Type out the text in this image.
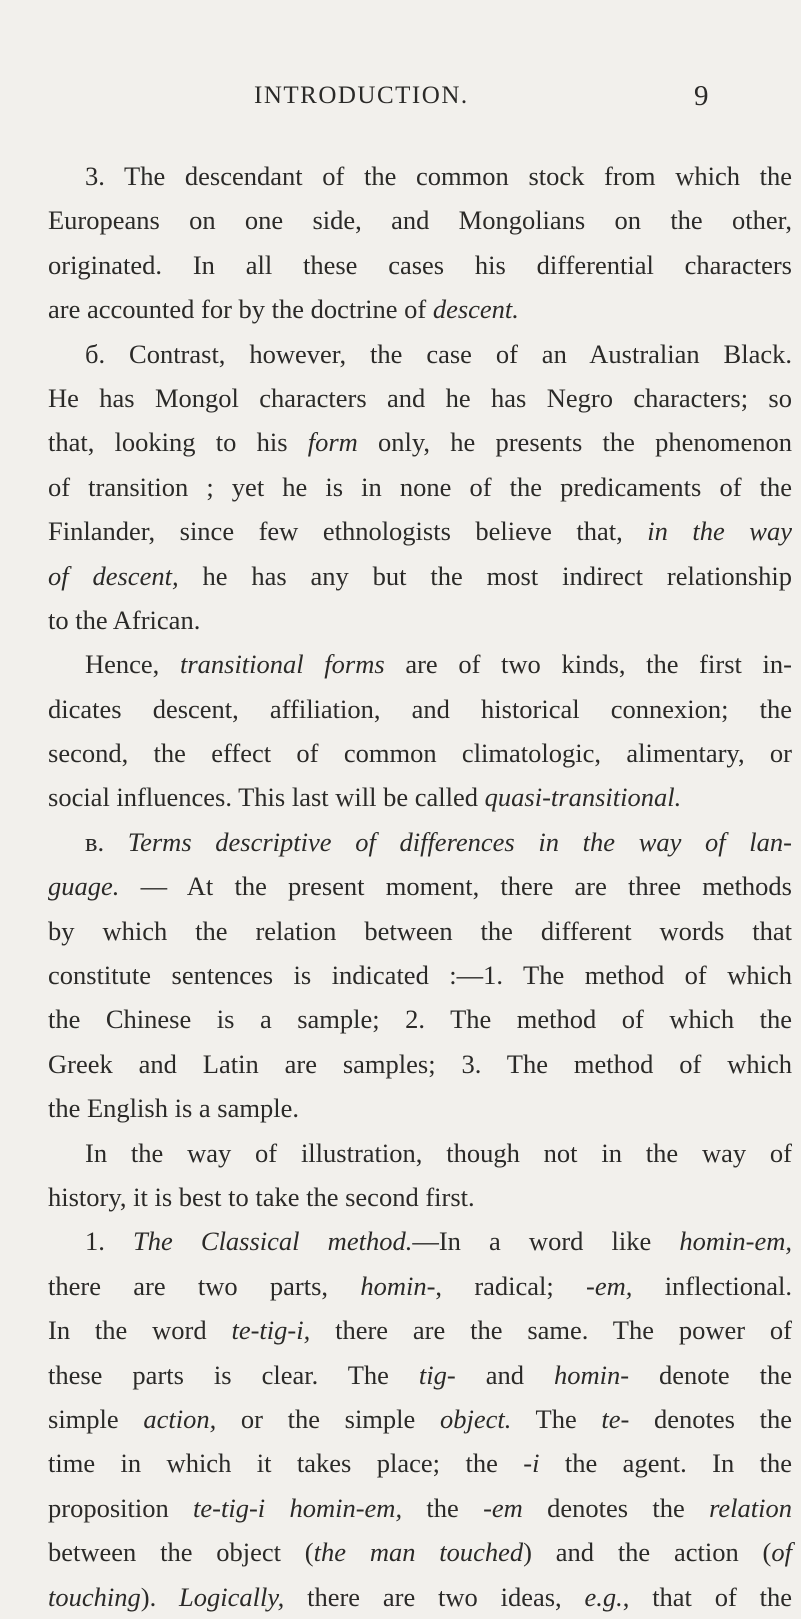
INTRODUCTION.	9
3. The descendant of the common stock from which the
Europeans on one side, and Mongolians on the other,
originated. In all these cases his differential characters
are accounted for by the doctrine of descent.
б. Contrast, however, the case of an Australian Black.
He has Mongol characters and he has Negro characters; so
that, looking to his form only, he presents the phenomenon
of transition ; yet he is in none of the predicaments of the
Finlander, since few ethnologists believe that, in the way
of descent, he has any but the most indirect relationship
to the African.
Hence, transitional forms are of two kinds, the first in-
dicates descent, affiliation, and historical connexion; the
second, the effect of common climatologic, alimentary, or
social influences. This last will be called quasi-transitional.
в. Terms descriptive of differences in the way of lan-
guage. — At the present moment, there are three methods
by which the relation between the different words that
constitute sentences is indicated :—1. The method of which
the Chinese is a sample; 2. The method of which the
Greek and Latin are samples; 3. The method of which
the English is a sample.
In the way of illustration, though not in the way of
history, it is best to take the second first.
1. The Classical method.—In a word like homin-em,
there are two parts, homin-, radical; -em, inflectional.
In the word te-tig-i, there are the same. The power of
these parts is clear. The tig- and homin- denote the
simple action, or the simple object. The te- denotes the
time in which it takes place; the -i the agent. In the
proposition te-tig-i homin-em, the -em denotes the relation
between the object (the man touched) and the action (of
touching). Logically, there are two ideas, e.g., that of the
